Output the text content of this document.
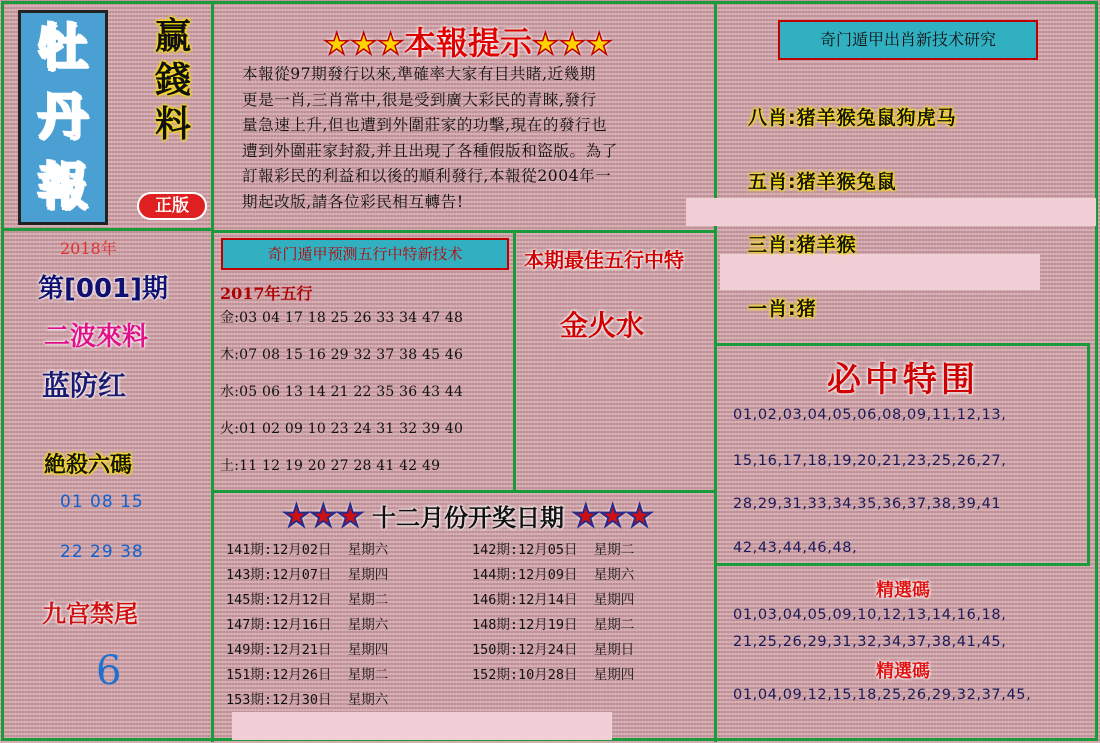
牡
丹
報
赢
錢
料
正版
★★★本報提示★★★
本報從97期發行以來,準確率大家有目共睹,近幾期
更是一肖,三肖常中,很是受到廣大彩民的青睞,發行
量急速上升,但也遭到外圍莊家的功擊,現在的發行也
遭到外圍莊家封殺,并且出現了各種假版和盜版。為了
訂報彩民的利益和以後的順利發行,本報從2004年一
期起改版,請各位彩民相互轉告!
2018年
第[001]期
二波來料
蓝防红
絶殺六碼
01 08 15
22 29 38
九宫禁尾
6
奇门遁甲预测五行中特新技术
2017年五行
金:03 04 17 18 25 26 33 34 47 48
木:07 08 15 16 29 32 37 38 45 46
水:05 06 13 14 21 22 35 36 43 44
火:01 02 09 10 23 24 31 32 39 40
土:11 12 19 20 27 28 41 42 49
本期最佳五行中特
金火水
★★★ 十二月份开奖日期 ★★★
141期:12月02日  星期六	142期:12月05日  星期二
143期:12月07日  星期四	144期:12月09日  星期六
145期:12月12日  星期二	146期:12月14日  星期四
147期:12月16日  星期六	148期:12月19日  星期二
149期:12月21日  星期四	150期:12月24日  星期日
151期:12月26日  星期二	152期:10月28日  星期四
153期:12月30日  星期六
奇门遁甲出肖新技术研究
八肖:猪羊猴兔鼠狗虎马
五肖:猪羊猴兔鼠
三肖:猪羊猴
一肖:猪
必中特围
01,02,03,04,05,06,08,09,11,12,13,
15,16,17,18,19,20,21,23,25,26,27,
28,29,31,33,34,35,36,37,38,39,41
42,43,44,46,48,
精選碼
01,03,04,05,09,10,12,13,14,16,18,
21,25,26,29,31,32,34,37,38,41,45,
精選碼
01,04,09,12,15,18,25,26,29,32,37,45,
